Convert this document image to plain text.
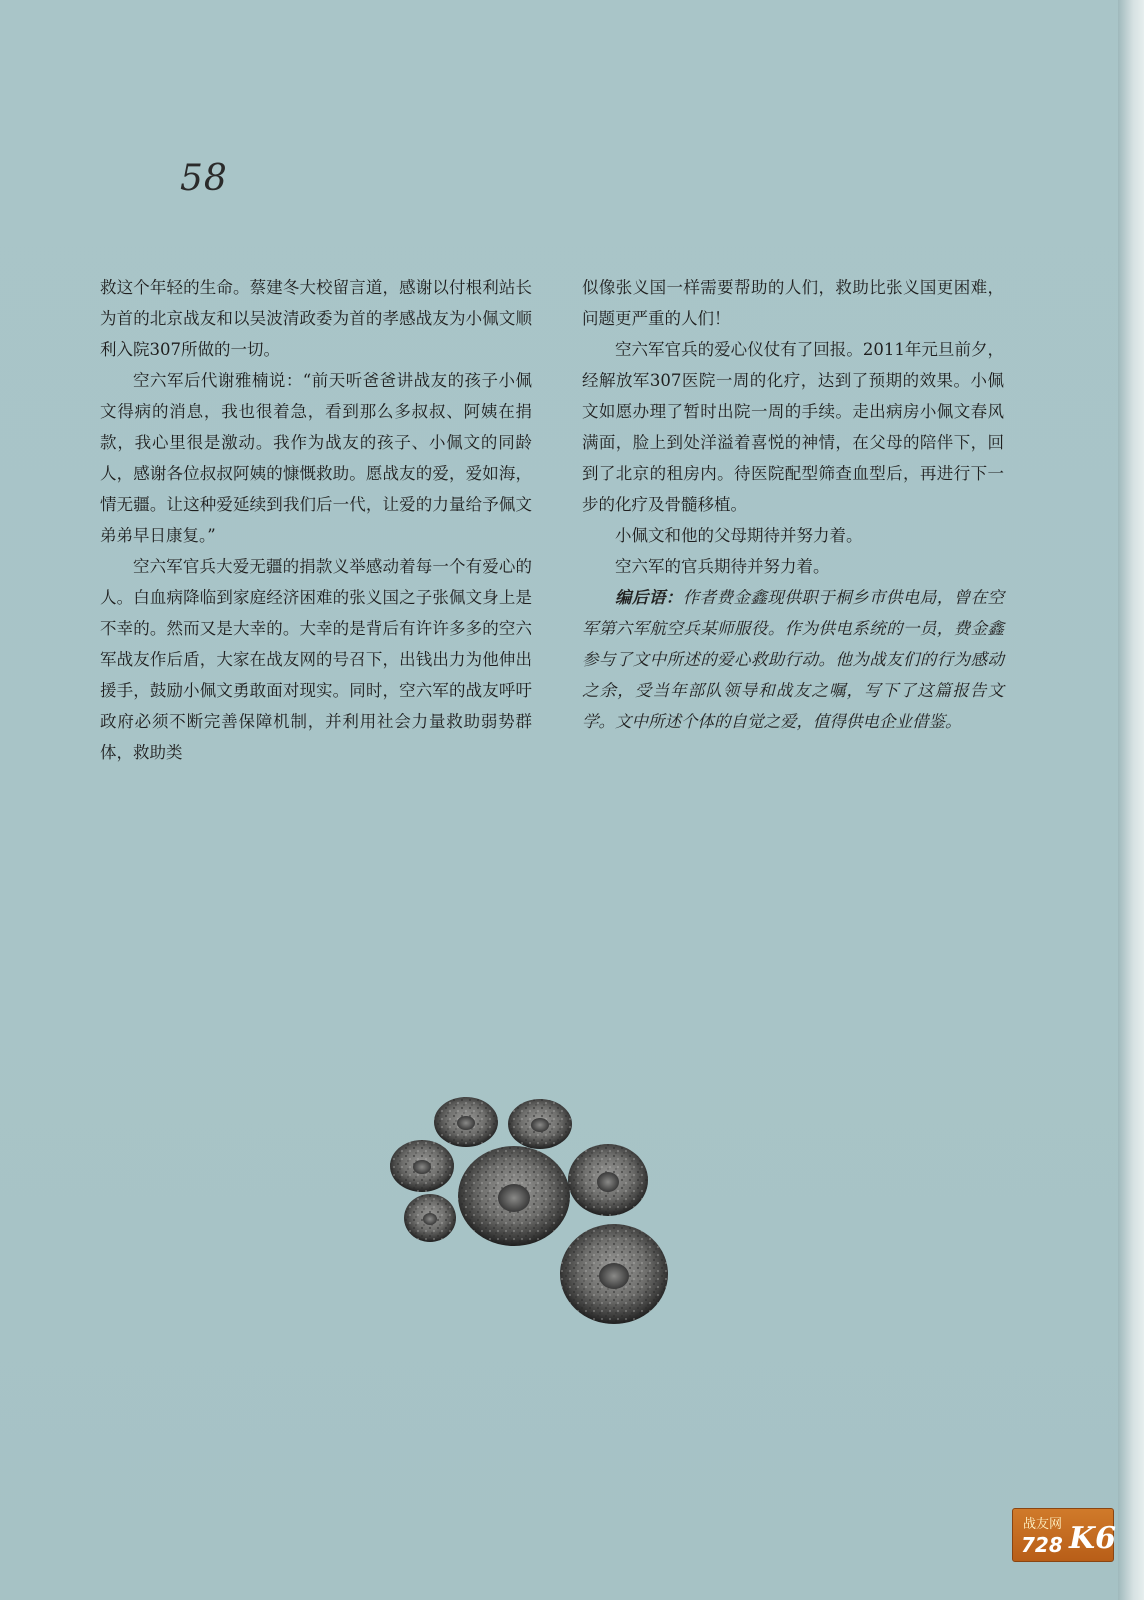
58

救这个年轻的生命。蔡建冬大校留言道，感谢以付根利站长为首的北京战友和以吴波清政委为首的孝感战友为小佩文顺利入院307所做的一切。

空六军后代谢雅楠说：“前天听爸爸讲战友的孩子小佩文得病的消息，我也很着急，看到那么多叔叔、阿姨在捐款，我心里很是激动。我作为战友的孩子、小佩文的同龄人，感谢各位叔叔阿姨的慷慨救助。愿战友的爱，爱如海，情无疆。让这种爱延续到我们后一代，让爱的力量给予佩文弟弟早日康复。”

空六军官兵大爱无疆的捐款义举感动着每一个有爱心的人。白血病降临到家庭经济困难的张义国之子张佩文身上是不幸的。然而又是大幸的。大幸的是背后有许许多多的空六军战友作后盾，大家在战友网的号召下，出钱出力为他伸出援手，鼓励小佩文勇敢面对现实。同时，空六军的战友呼吁政府必须不断完善保障机制，并利用社会力量救助弱势群体，救助类

似像张义国一样需要帮助的人们，救助比张义国更困难，问题更严重的人们！

空六军官兵的爱心仪仗有了回报。2011年元旦前夕，经解放军307医院一周的化疗，达到了预期的效果。小佩文如愿办理了暂时出院一周的手续。走出病房小佩文春风满面，脸上到处洋溢着喜悦的神情，在父母的陪伴下，回到了北京的租房内。待医院配型筛查血型后，再进行下一步的化疗及骨髓移植。

小佩文和他的父母期待并努力着。

空六军的官兵期待并努力着。

编后语：作者费金鑫现供职于桐乡市供电局，曾在空军第六军航空兵某师服役。作为供电系统的一员，费金鑫参与了文中所述的爱心救助行动。他为战友们的行为感动之余，受当年部队领导和战友之嘱，写下了这篇报告文学。文中所述个体的自觉之爱，值得供电企业借鉴。

战友网
728 K6
